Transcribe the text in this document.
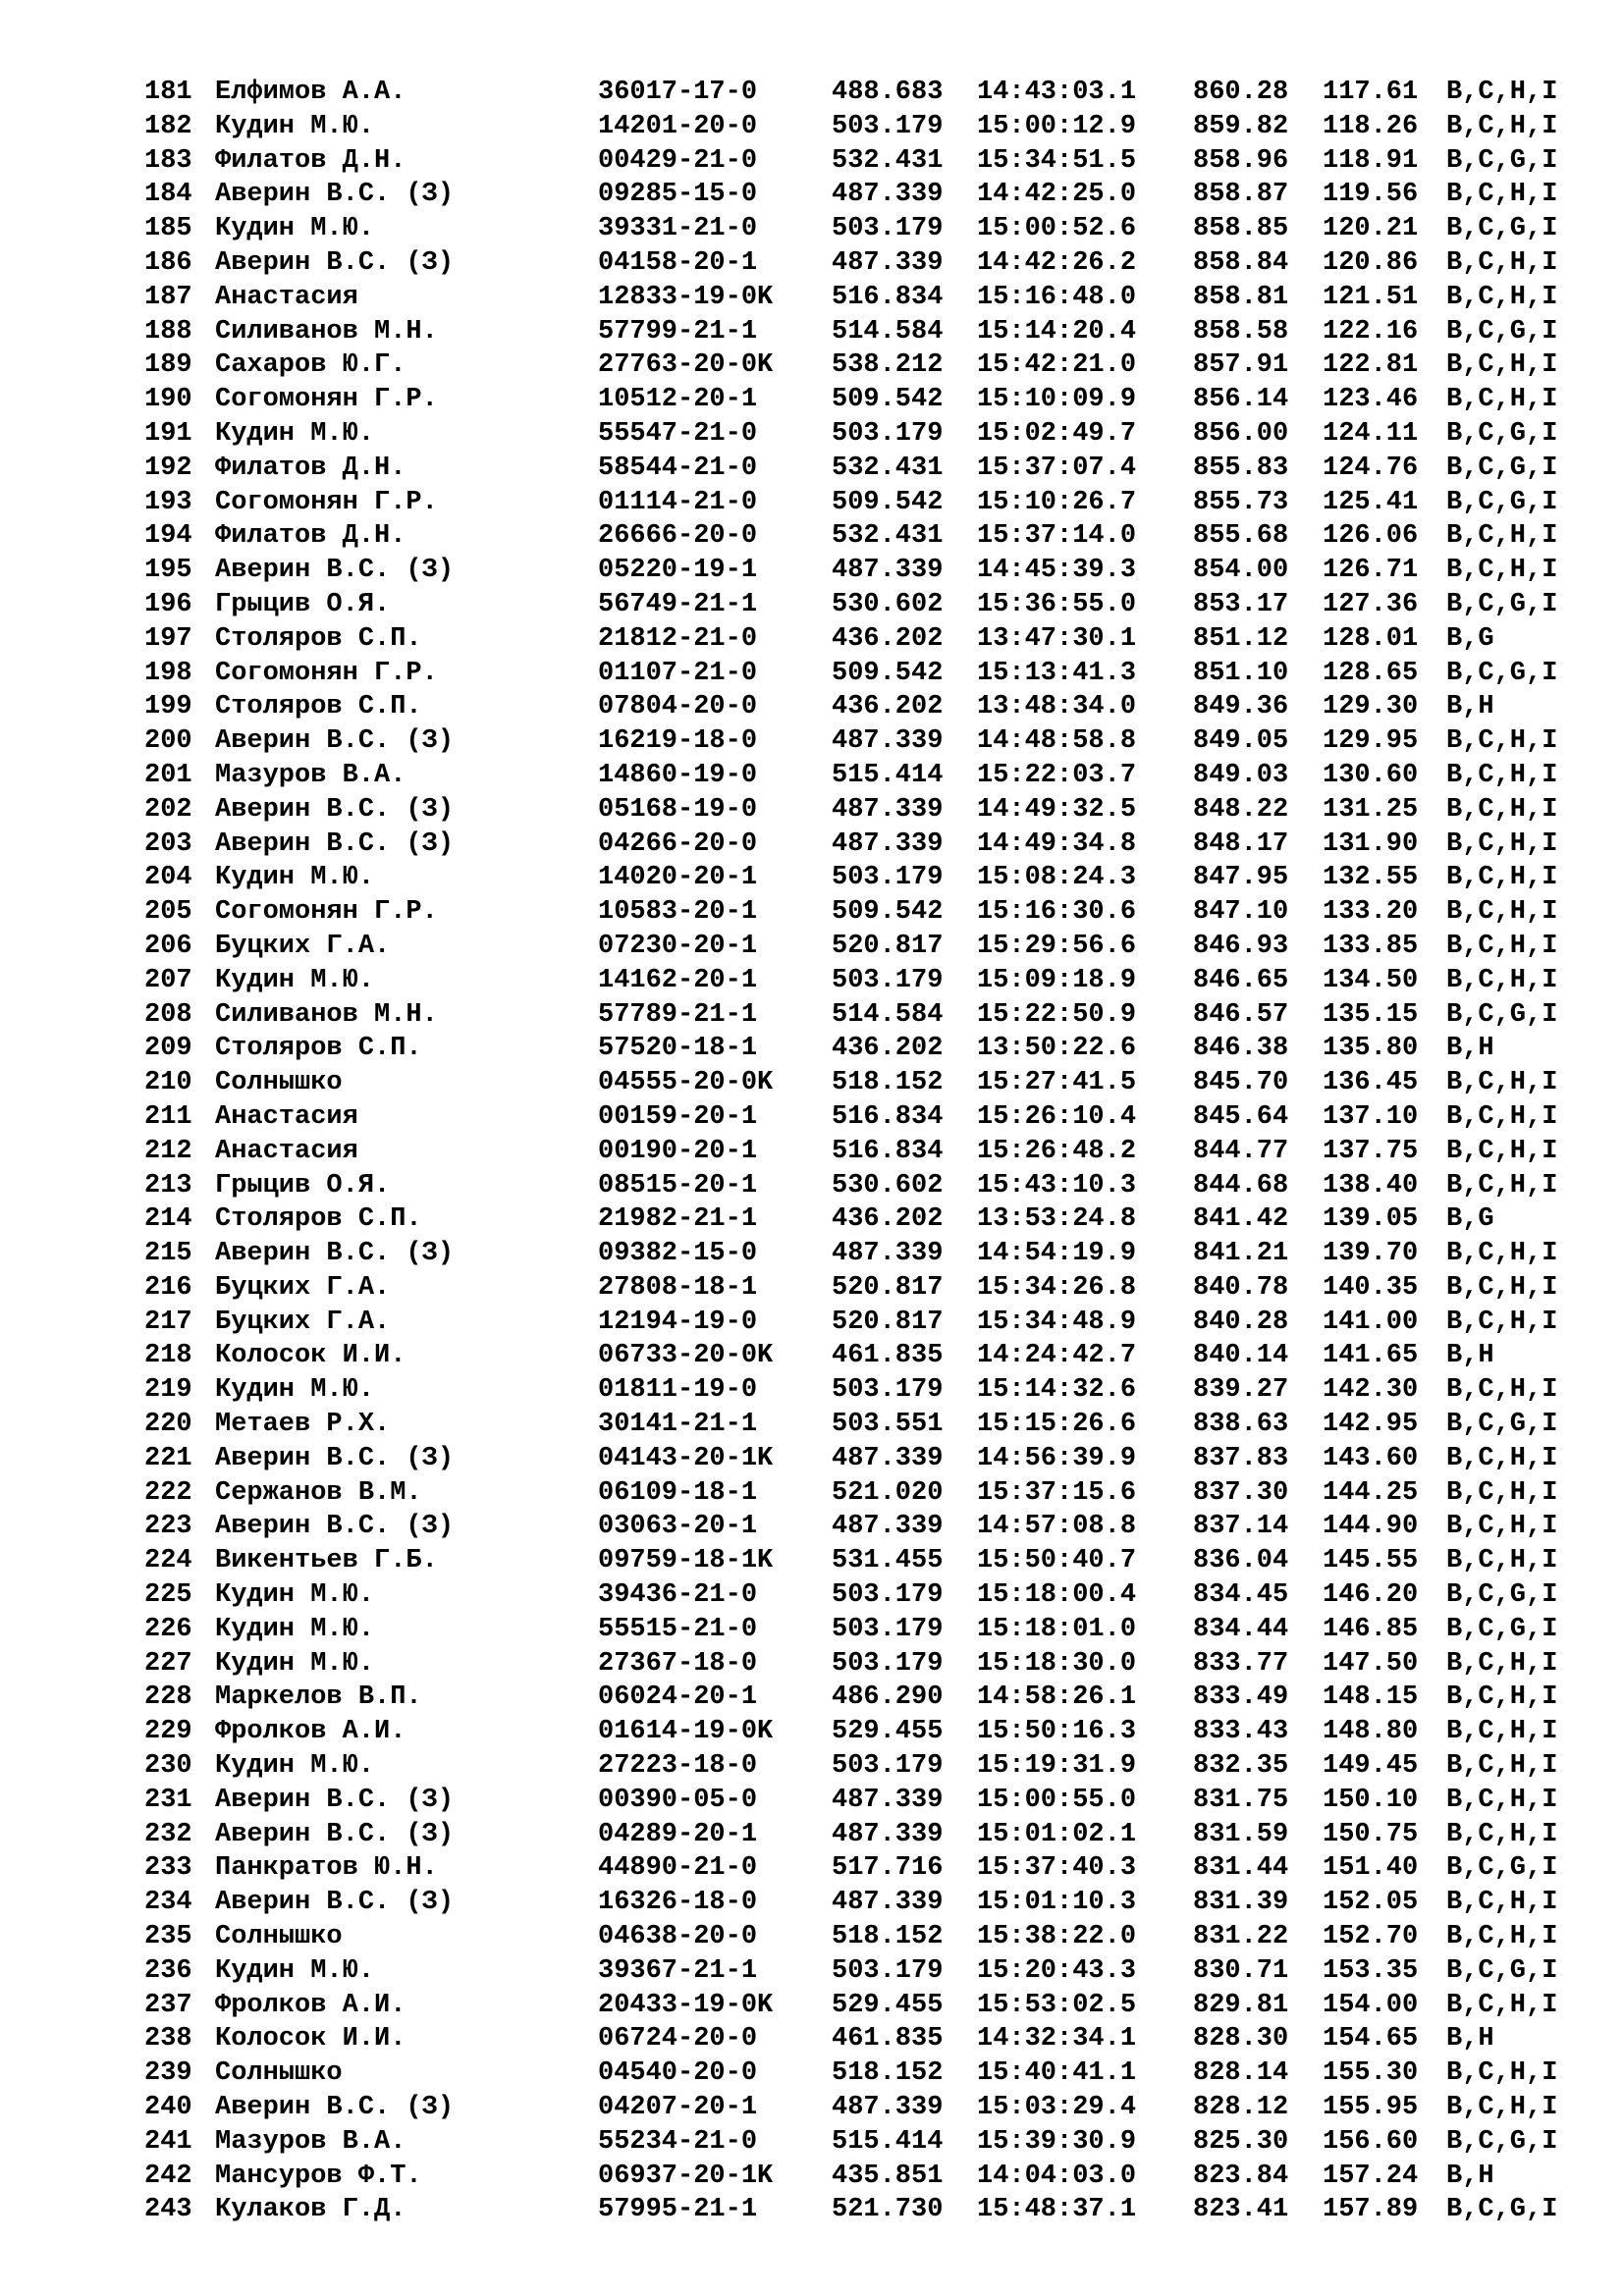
181 Елфимов А.А.	36017-17-0	488.683 14:43:03.1 860.28 117.61 B,C,H,I
182 Кудин М.Ю.	14201-20-0	503.179 15:00:12.9 859.82 118.26 B,C,H,I
183 Филатов Д.Н.	00429-21-0	532.431 15:34:51.5 858.96 118.91 B,C,G,I
184 Аверин В.С. (З)	09285-15-0	487.339 14:42:25.0 858.87 119.56 B,C,H,I
185 Кудин М.Ю.	39331-21-0	503.179 15:00:52.6 858.85 120.21 B,C,G,I
186 Аверин В.С. (З)	04158-20-1	487.339 14:42:26.2 858.84 120.86 B,C,H,I
187 Анастасия	12833-19-0K 516.834 15:16:48.0 858.81 121.51 B,C,H,I
188 Силиванов М.Н.	57799-21-1	514.584 15:14:20.4 858.58 122.16 B,C,G,I
189 Сахаров Ю.Г.	27763-20-0K 538.212 15:42:21.0 857.91 122.81 B,C,H,I
190 Согомонян Г.Р.	10512-20-1	509.542 15:10:09.9 856.14 123.46 B,C,H,I
191 Кудин М.Ю.	55547-21-0	503.179 15:02:49.7 856.00 124.11 B,C,G,I
192 Филатов Д.Н.	58544-21-0	532.431 15:37:07.4 855.83 124.76 B,C,G,I
193 Согомонян Г.Р.	01114-21-0	509.542 15:10:26.7 855.73 125.41 B,C,G,I
194 Филатов Д.Н.	26666-20-0	532.431 15:37:14.0 855.68 126.06 B,C,H,I
195 Аверин В.С. (З)	05220-19-1	487.339 14:45:39.3 854.00 126.71 B,C,H,I
196 Грыцив О.Я.	56749-21-1	530.602 15:36:55.0 853.17 127.36 B,C,G,I
197 Столяров С.П.	21812-21-0	436.202 13:47:30.1 851.12 128.01 B,G
198 Согомонян Г.Р.	01107-21-0	509.542 15:13:41.3 851.10 128.65 B,C,G,I
199 Столяров С.П.	07804-20-0	436.202 13:48:34.0 849.36 129.30 B,H
200 Аверин В.С. (З)	16219-18-0	487.339 14:48:58.8 849.05 129.95 B,C,H,I
201 Мазуров В.А.	14860-19-0	515.414 15:22:03.7 849.03 130.60 B,C,H,I
202 Аверин В.С. (З)	05168-19-0	487.339 14:49:32.5 848.22 131.25 B,C,H,I
203 Аверин В.С. (З)	04266-20-0	487.339 14:49:34.8 848.17 131.90 B,C,H,I
204 Кудин М.Ю.	14020-20-1	503.179 15:08:24.3 847.95 132.55 B,C,H,I
205 Согомонян Г.Р.	10583-20-1	509.542 15:16:30.6 847.10 133.20 B,C,H,I
206 Буцких Г.А.	07230-20-1	520.817 15:29:56.6 846.93 133.85 B,C,H,I
207 Кудин М.Ю.	14162-20-1	503.179 15:09:18.9 846.65 134.50 B,C,H,I
208 Силиванов М.Н.	57789-21-1	514.584 15:22:50.9 846.57 135.15 B,C,G,I
209 Столяров С.П.	57520-18-1	436.202 13:50:22.6 846.38 135.80 B,H
210 Солнышко	04555-20-0K 518.152 15:27:41.5 845.70 136.45 B,C,H,I
211 Анастасия	00159-20-1	516.834 15:26:10.4 845.64 137.10 B,C,H,I
212 Анастасия	00190-20-1	516.834 15:26:48.2 844.77 137.75 B,C,H,I
213 Грыцив О.Я.	08515-20-1	530.602 15:43:10.3 844.68 138.40 B,C,H,I
214 Столяров С.П.	21982-21-1	436.202 13:53:24.8 841.42 139.05 B,G
215 Аверин В.С. (З)	09382-15-0	487.339 14:54:19.9 841.21 139.70 B,C,H,I
216 Буцких Г.А.	27808-18-1	520.817 15:34:26.8 840.78 140.35 B,C,H,I
217 Буцких Г.А.	12194-19-0	520.817 15:34:48.9 840.28 141.00 B,C,H,I
218 Колосок И.И.	06733-20-0K 461.835 14:24:42.7 840.14 141.65 B,H
219 Кудин М.Ю.	01811-19-0	503.179 15:14:32.6 839.27 142.30 B,C,H,I
220 Метаев Р.Х.	30141-21-1	503.551 15:15:26.6 838.63 142.95 B,C,G,I
221 Аверин В.С. (З)	04143-20-1K 487.339 14:56:39.9 837.83 143.60 B,C,H,I
222 Сержанов В.М.	06109-18-1	521.020 15:37:15.6 837.30 144.25 B,C,H,I
223 Аверин В.С. (З)	03063-20-1	487.339 14:57:08.8 837.14 144.90 B,C,H,I
224 Викентьев Г.Б.	09759-18-1K 531.455 15:50:40.7 836.04 145.55 B,C,H,I
225 Кудин М.Ю.	39436-21-0	503.179 15:18:00.4 834.45 146.20 B,C,G,I
226 Кудин М.Ю.	55515-21-0	503.179 15:18:01.0 834.44 146.85 B,C,G,I
227 Кудин М.Ю.	27367-18-0	503.179 15:18:30.0 833.77 147.50 B,C,H,I
228 Маркелов В.П.	06024-20-1	486.290 14:58:26.1 833.49 148.15 B,C,H,I
229 Фролков А.И.	01614-19-0K 529.455 15:50:16.3 833.43 148.80 B,C,H,I
230 Кудин М.Ю.	27223-18-0	503.179 15:19:31.9 832.35 149.45 B,C,H,I
231 Аверин В.С. (З)	00390-05-0	487.339 15:00:55.0 831.75 150.10 B,C,H,I
232 Аверин В.С. (З)	04289-20-1	487.339 15:01:02.1 831.59 150.75 B,C,H,I
233 Панкратов Ю.Н.	44890-21-0	517.716 15:37:40.3 831.44 151.40 B,C,G,I
234 Аверин В.С. (З)	16326-18-0	487.339 15:01:10.3 831.39 152.05 B,C,H,I
235 Солнышко	04638-20-0	518.152 15:38:22.0 831.22 152.70 B,C,H,I
236 Кудин М.Ю.	39367-21-1	503.179 15:20:43.3 830.71 153.35 B,C,G,I
237 Фролков А.И.	20433-19-0K 529.455 15:53:02.5 829.81 154.00 B,C,H,I
238 Колосок И.И.	06724-20-0	461.835 14:32:34.1 828.30 154.65 B,H
239 Солнышко	04540-20-0	518.152 15:40:41.1 828.14 155.30 B,C,H,I
240 Аверин В.С. (З)	04207-20-1	487.339 15:03:29.4 828.12 155.95 B,C,H,I
241 Мазуров В.А.	55234-21-0	515.414 15:39:30.9 825.30 156.60 B,C,G,I
242 Мансуров Ф.Т.	06937-20-1K 435.851 14:04:03.0 823.84 157.24 B,H
243 Кулаков Г.Д.	57995-21-1	521.730 15:48:37.1 823.41 157.89 B,C,G,I
